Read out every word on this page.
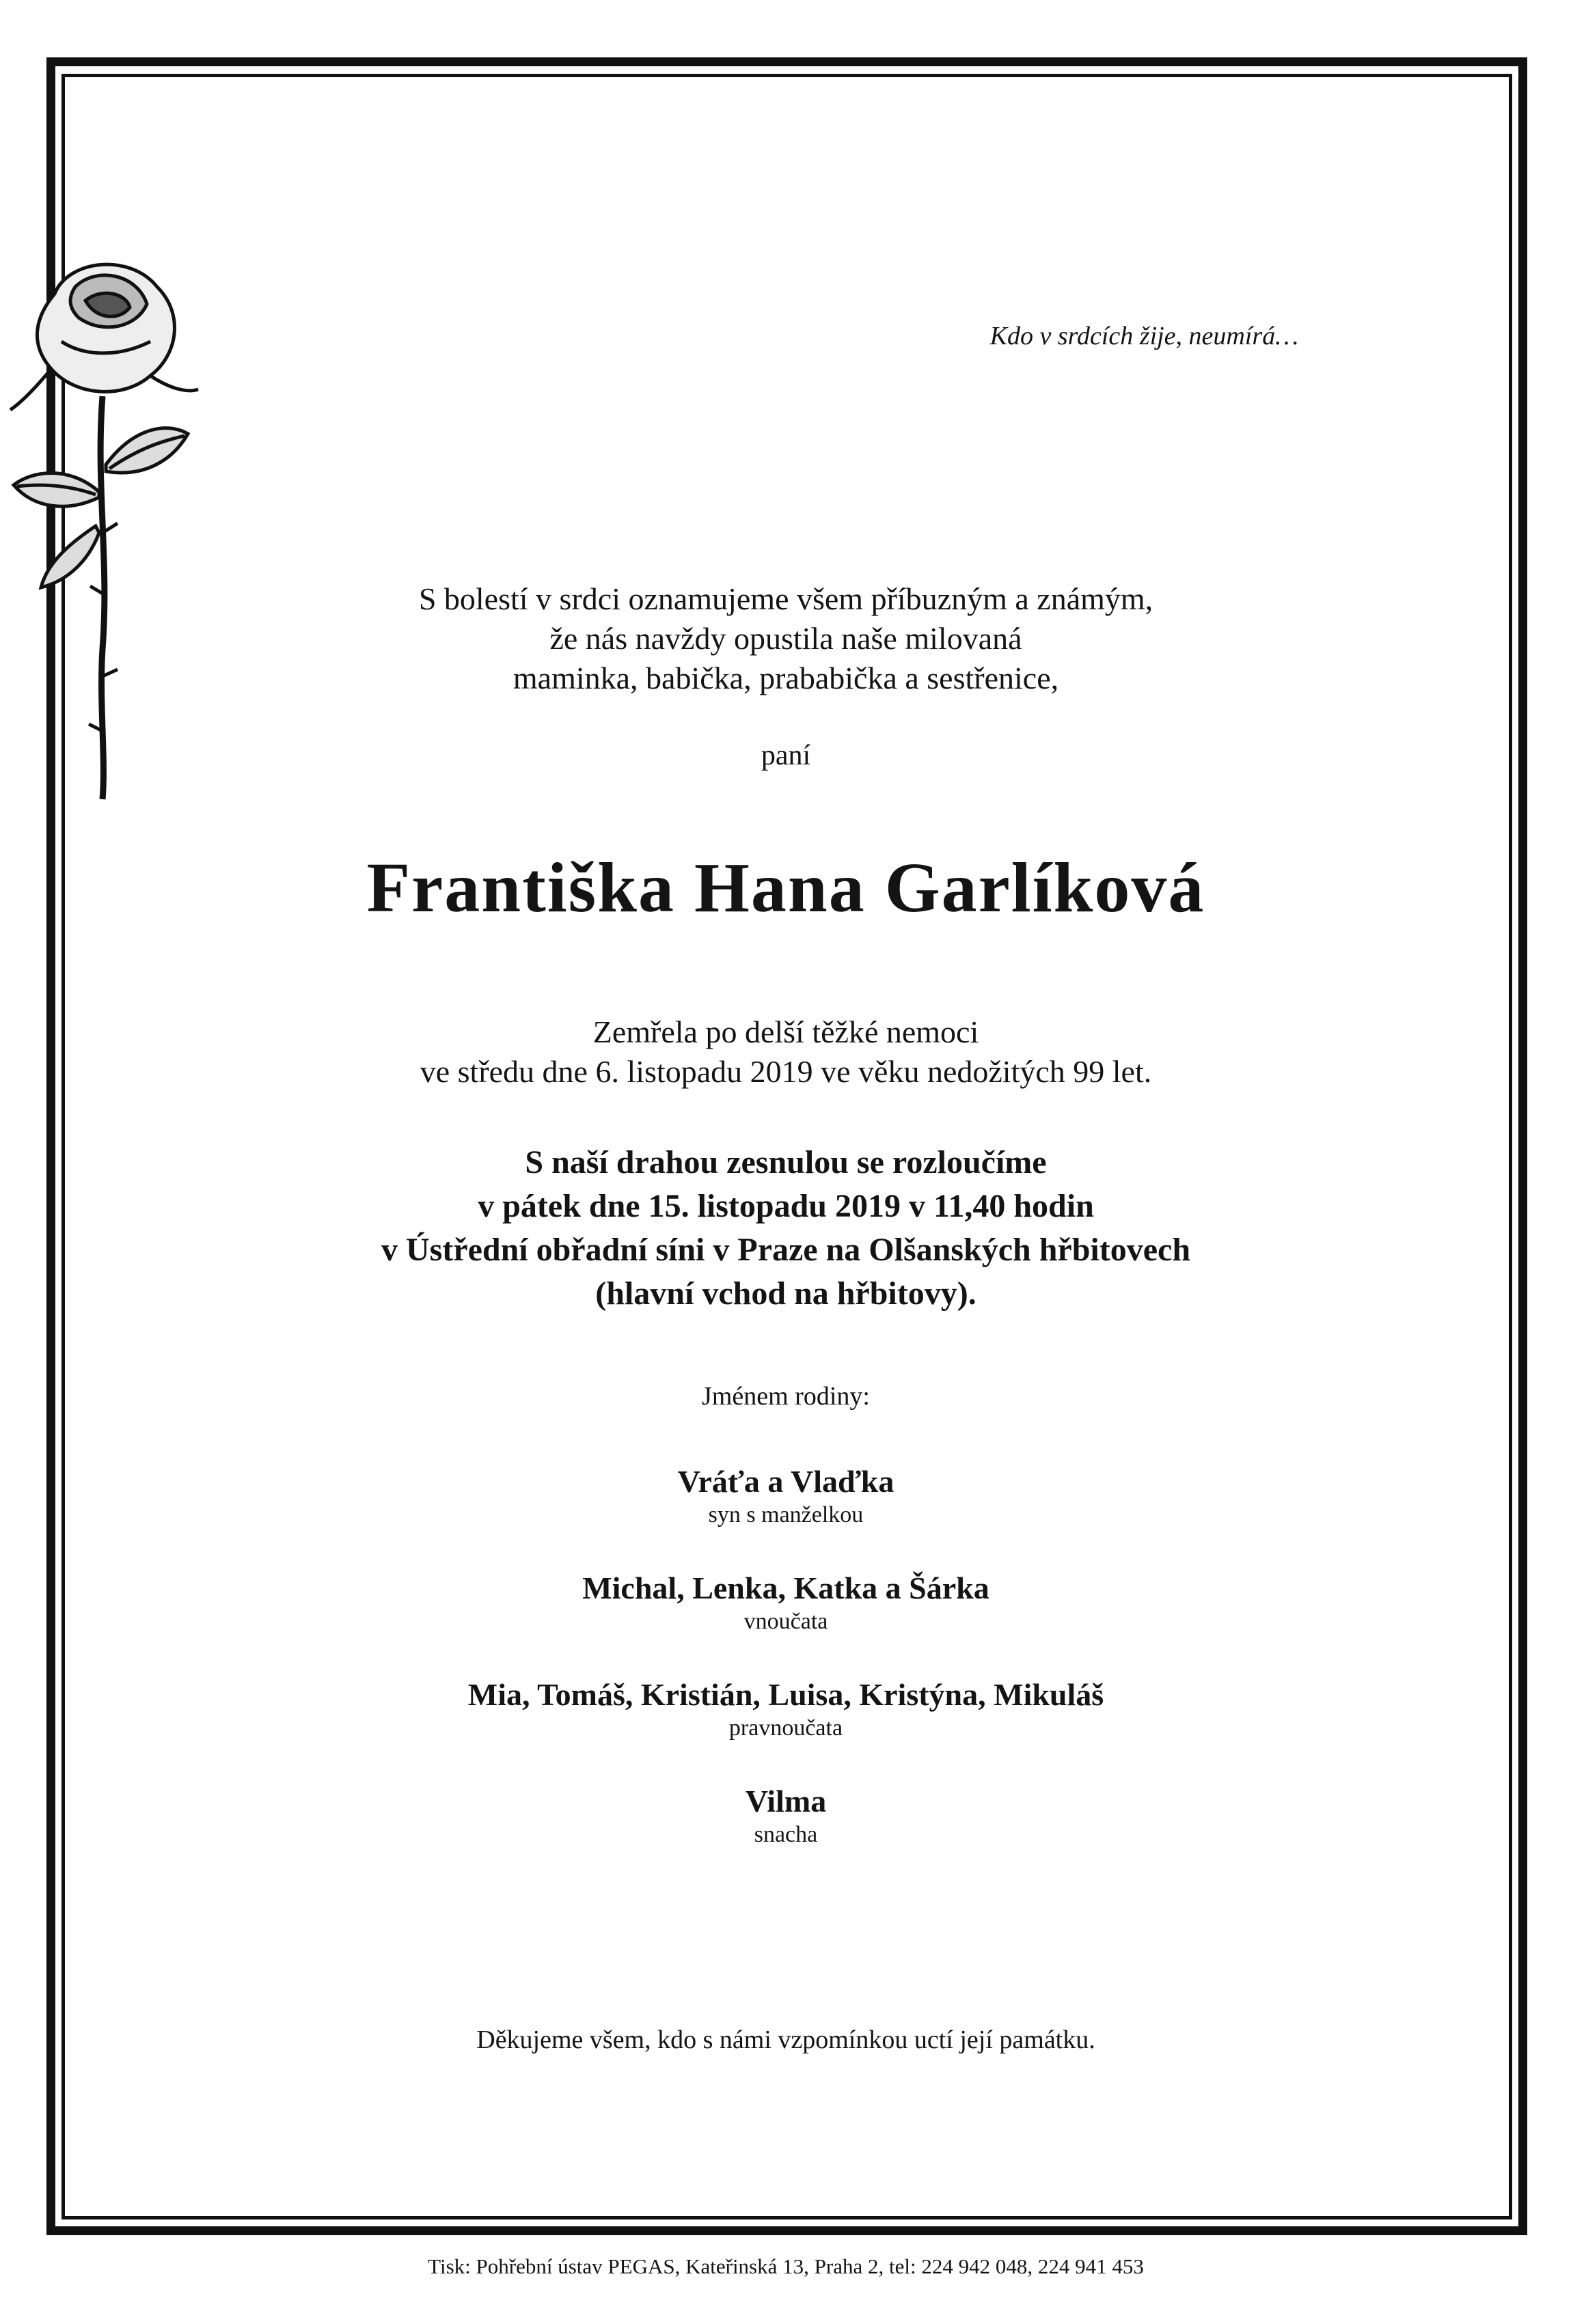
Kdo v srdcích žije, neumírá…
S bolestí v srdci oznamujeme všem příbuzným a známým,
že nás navždy opustila naše milovaná
maminka, babička, prababička a sestřenice,
paní
Františka Hana Garlíková
Zemřela po delší těžké nemoci
ve středu dne 6. listopadu 2019 ve věku nedožitých 99 let.
S naší drahou zesnulou se rozloučíme
v pátek dne 15. listopadu 2019 v 11,40 hodin
v Ústřední obřadní síni v Praze na Olšanských hřbitovech
(hlavní vchod na hřbitovy).
Jménem rodiny:
Vráťa a Vlaďka
syn s manželkou
Michal, Lenka, Katka a Šárka
vnoučata
Mia, Tomáš, Kristián, Luisa, Kristýna, Mikuláš
pravnoučata
Vilma
snacha
Děkujeme všem, kdo s námi vzpomínkou uctí její památku.
Tisk: Pohřební ústav PEGAS, Kateřinská 13, Praha 2, tel: 224 942 048, 224 941 453
